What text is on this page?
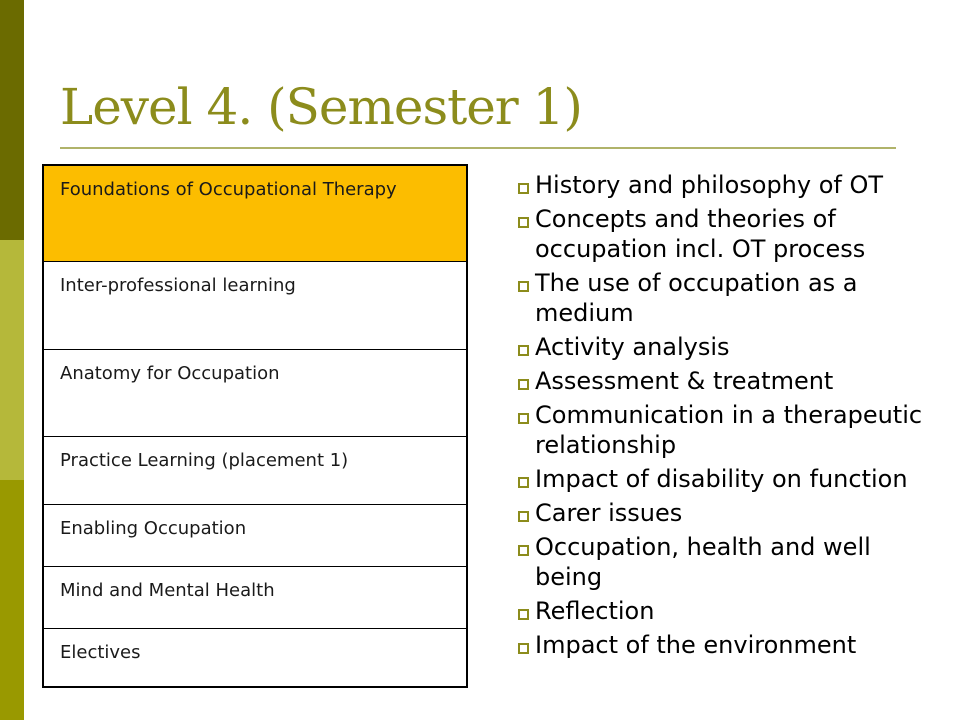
Level 4. (Semester 1)
Foundations of Occupational Therapy
Inter-professional learning
Anatomy for Occupation
Practice Learning (placement 1)
Enabling Occupation
Mind and Mental Health
Electives
History and philosophy of OT
Concepts and theories of occupation incl. OT process
The use of occupation as a medium
Activity analysis
Assessment & treatment
Communication in a therapeutic relationship
Impact of disability on function
Carer issues
Occupation, health and well being
Reflection
Impact of the environment
